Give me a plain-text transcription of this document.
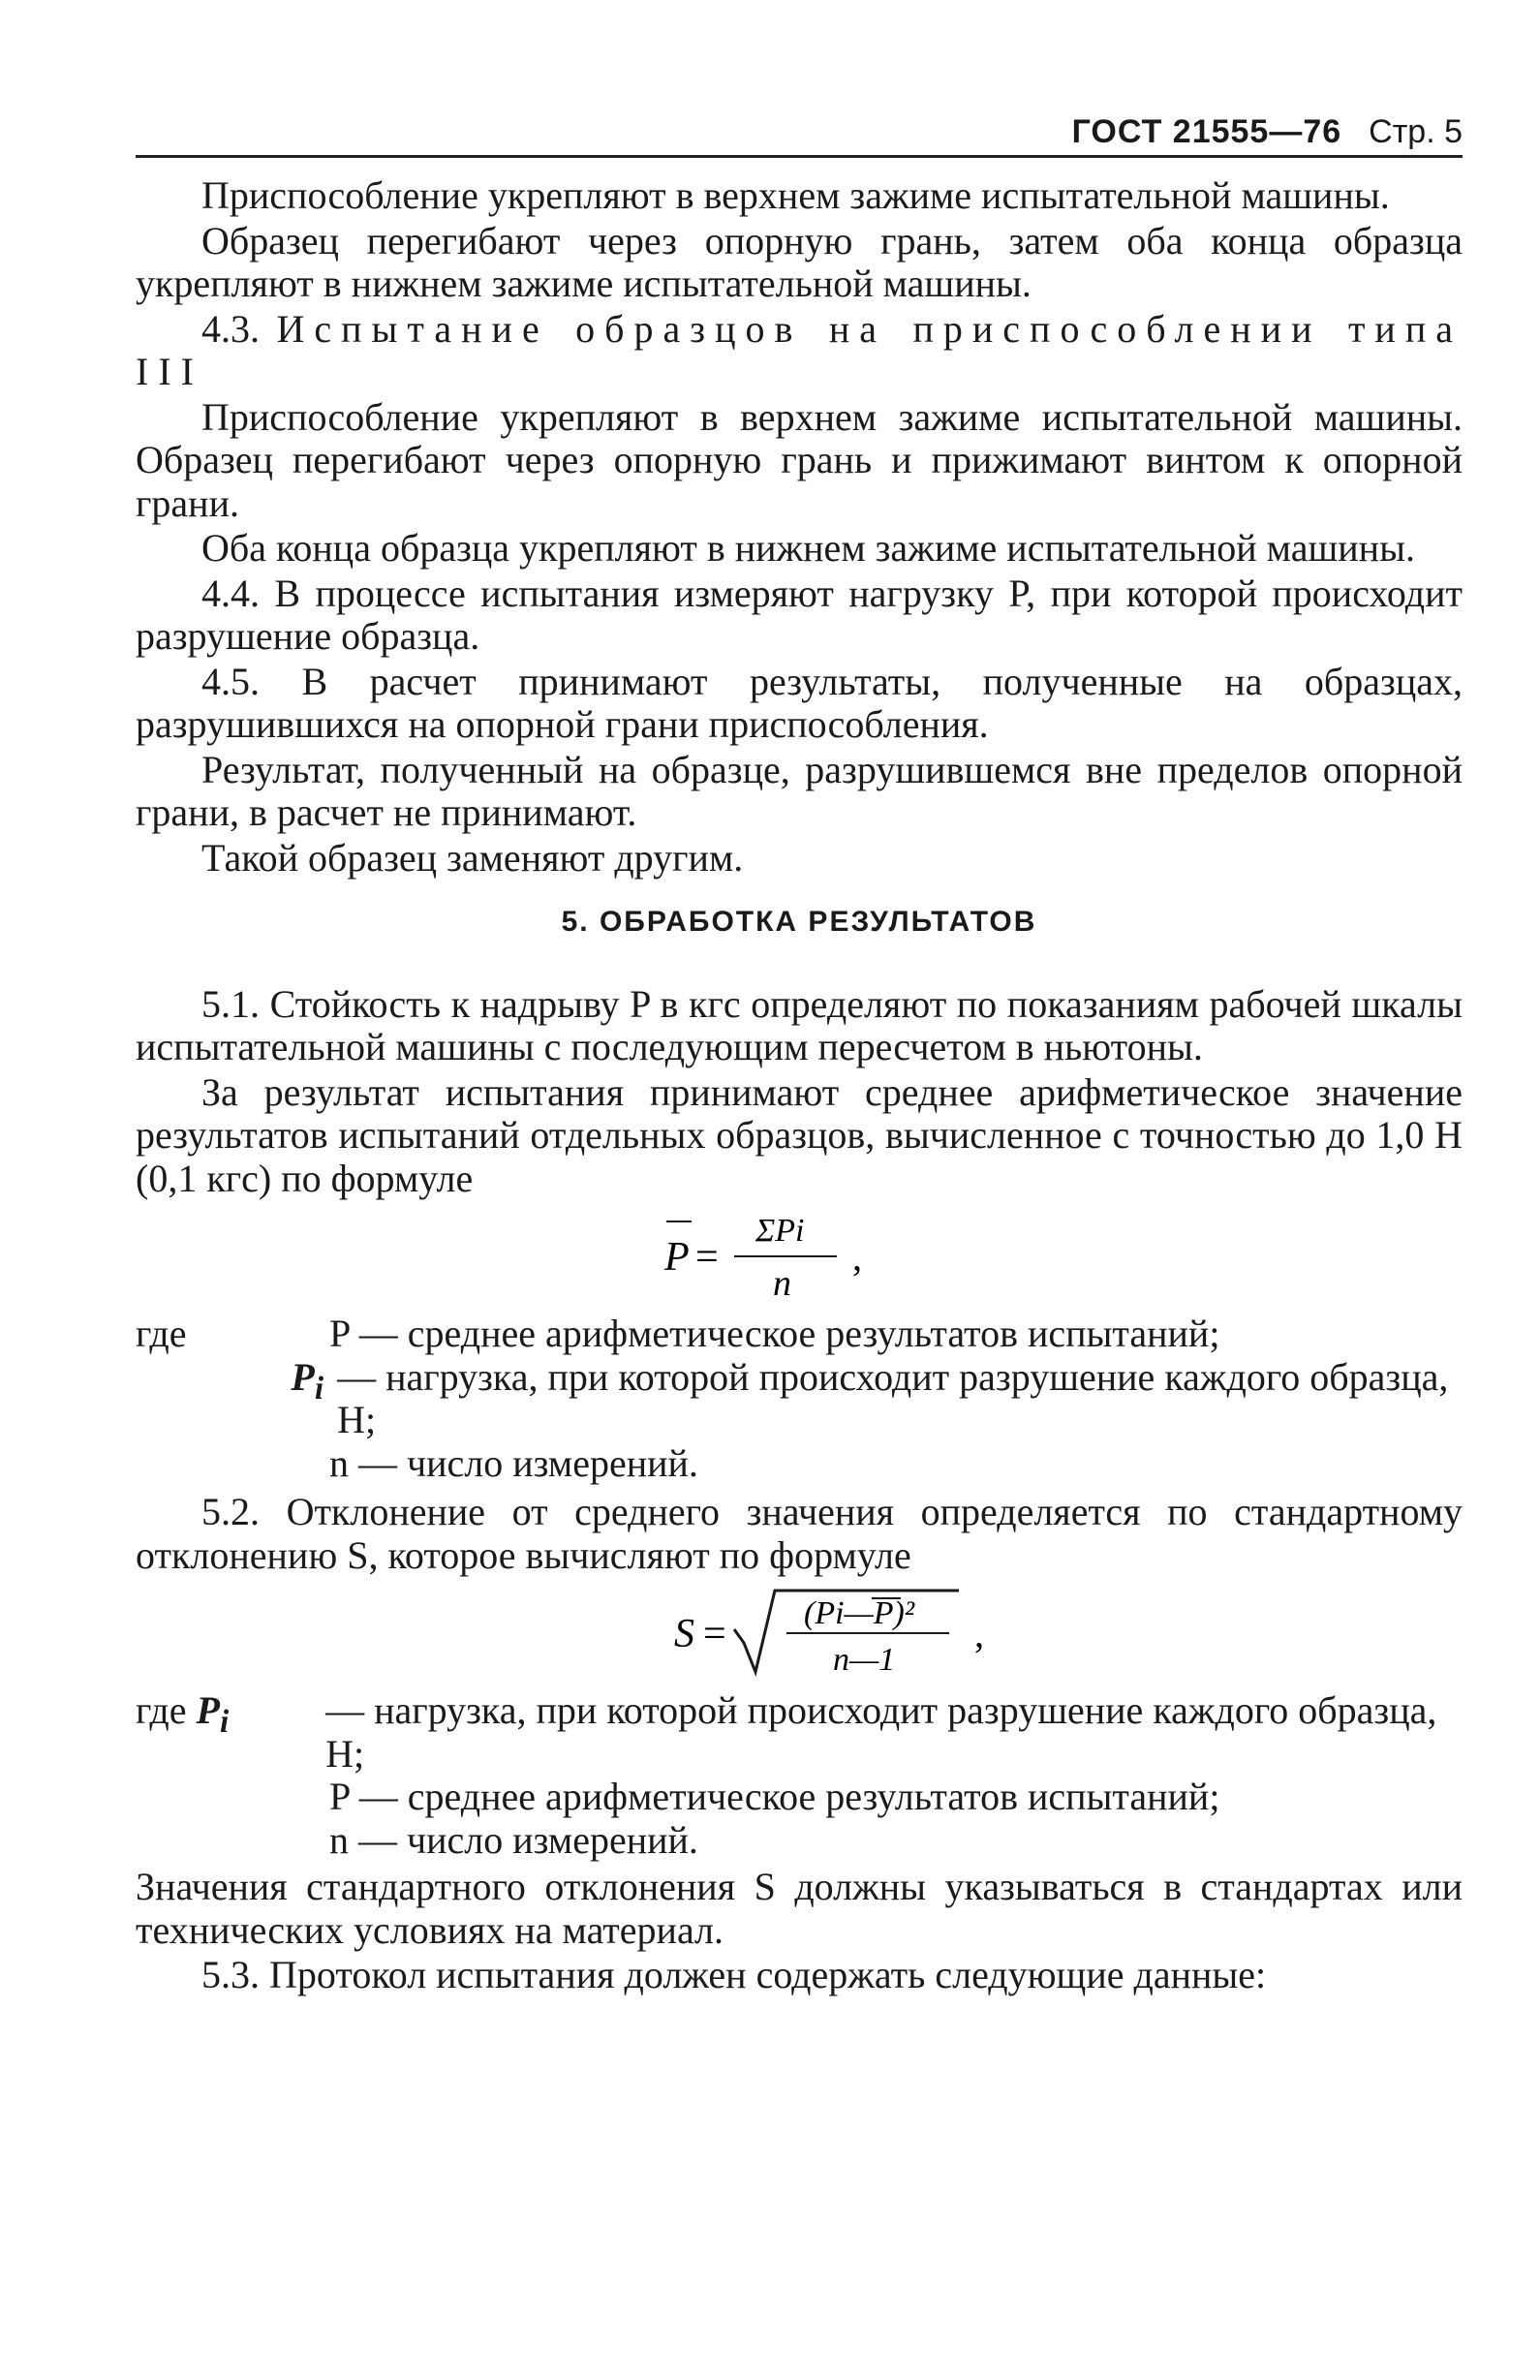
ГОСТ 21555—76 Стр. 5

Приспособление укрепляют в верхнем зажиме испытательной машины.

Образец перегибают через опорную грань, затем оба конца образца укрепляют в нижнем зажиме испытательной машины.

4.3. Испытание образцов на приспособлении типа III

Приспособление укрепляют в верхнем зажиме испытательной машины. Образец перегибают через опорную грань и прижимают винтом к опорной грани.

Оба конца образца укрепляют в нижнем зажиме испытательной машины.

4.4. В процессе испытания измеряют нагрузку P, при которой происходит разрушение образца.

4.5. В расчет принимают результаты, полученные на образцах, разрушившихся на опорной грани приспособления.

Результат, полученный на образце, разрушившемся вне пределов опорной грани, в расчет не принимают.

Такой образец заменяют другим.

5. ОБРАБОТКА РЕЗУЛЬТАТОВ

5.1. Стойкость к надрыву P в кгс определяют по показаниям рабочей шкалы испытательной машины с последующим пересчетом в ньютоны.

За результат испытания принимают среднее арифметическое значение результатов испытаний отдельных образцов, вычисленное с точностью до 1,0 Н (0,1 кгс) по формуле

P =
ΣPi
n
,
где	P — среднее арифметическое результатов испытаний;
$P_i$ — нагрузка, при которой происходит разрушение каждого образца, Н;
n — число измерений.

5.2. Отклонение от среднего значения определяется по стандартному отклонению S, которое вычисляют по формуле

S = (Pi—P)²
n—1
,
где $P_i$	— нагрузка, при которой происходит разрушение каждого образца, Н;
P — среднее арифметическое результатов испытаний;
n — число измерений.

Значения стандартного отклонения S должны указываться в стандартах или технических условиях на материал.

5.3. Протокол испытания должен содержать следующие данные:
